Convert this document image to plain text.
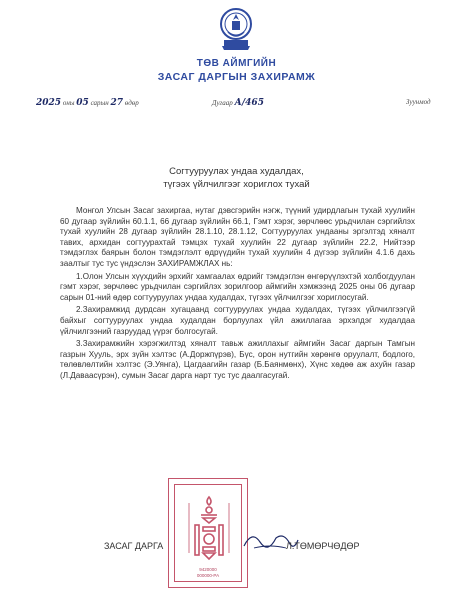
ТӨВ АЙМГИЙН
ЗАСАГ ДАРГЫН ЗАХИРАМЖ
2025 оны 05 сарын 27 өдөр	Дугаар А/465	Зуунмод
Согтууруулах ундаа худалдах,
түгээх үйлчилгээг хориглох тухай

Монгол Улсын Засаг захиргаа, нутаг дэвсгэрийн нэгж, түүний удирдлагын тухай хуулийн 60 дугаар зүйлийн 60.1.1, 66 дугаар зүйлийн 66.1, Гэмт хэрэг, зөрчлөөс урьдчилан сэргийлэх тухай хуулийн 28 дугаар зүйлийн 28.1.10, 28.1.12, Согтууруулах ундааны эргэлтэд хяналт тавих, архидан согтуурахтай тэмцэх тухай хуулийн 22 дугаар зүйлийн 22.2, Нийтээр тэмдэглэх баярын болон тэмдэглэлт өдрүүдийн тухай хуулийн 4 дүгээр зүйлийн 4.1.6 дахь заалтыг тус тус үндэслэн ЗАХИРАМЖЛАХ нь:

1.Олон Улсын хүүхдийн эрхийг хамгаалах өдрийг тэмдэглэн өнгөрүүлэхтэй холбогдуулан гэмт хэрэг, зөрчлөөс урьдчилан сэргийлэх зорилгоор аймгийн хэмжээнд 2025 оны 06 дугаар сарын 01-ний өдөр согтууруулах ундаа худалдах, түгээх үйлчилгээг хориглосугай.

2.Захирамжид дурдсан хугацаанд согтууруулах ундаа худалдах, түгээх үйлчилгээгүй байхыг согтууруулах ундаа худалдан борлуулах үйл ажиллагаа эрхэлдэг худалдаа үйлчилгээний газруудад үүрэг болгосугай.

3.Захирамжийн хэрэгжилтэд хяналт тавьж ажиллахыг аймгийн Засаг даргын Тамгын газрын Хууль, эрх зүйн хэлтэс (А.Доржпүрэв), Бүс, орон нутгийн хөрөнгө оруулалт, бодлого, төлөвлөлтийн хэлтэс (Э.Уянга), Цагдаагийн газар (Б.Баянмөнх), Хүнс хөдөө аж ахуйн газар (Л.Даваасүрэн), сумын Засаг дарга нарт тус тус даалгасугай.

9420000
000000-РА
ЗАСАГ ДАРГА	Л.ТӨМӨРЧӨДӨР
